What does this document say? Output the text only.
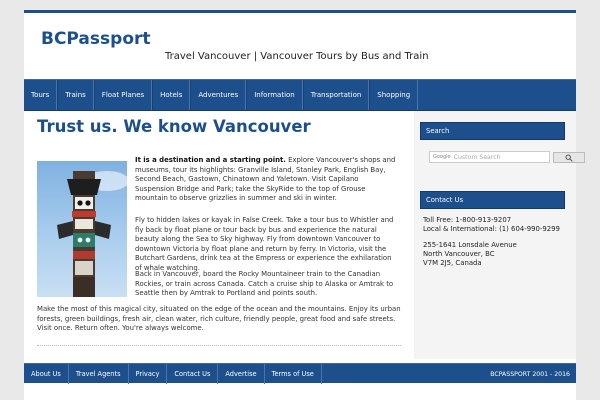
BCPassport
Travel Vancouver | Vancouver Tours by Bus and Train
Tours	Trains	Float Planes	Hotels	Adventures	Information	Transportation	Shopping
Trust us. We know Vancouver
It is a destination and a starting point. Explore Vancouver's shops and museums, tour its highlights: Granville Island, Stanley Park, English Bay, Second Beach, Gastown, Chinatown and Yaletown. Visit Capilano Suspension Bridge and Park; take the SkyRide to the top of Grouse mountain to observe grizzlies in summer and ski in winter.
Fly to hidden lakes or kayak in False Creek. Take a tour bus to Whistler and fly back by float plane or tour back by bus and experience the natural beauty along the Sea to Sky highway. Fly from downtown Vancouver to downtown Victoria by float plane and return by ferry. In Victoria, visit the Butchart Gardens, drink tea at the Empress or experience the exhilaration of whale watching.
Back in Vancouver, board the Rocky Mountaineer train to the Canadian Rockies, or train across Canada. Catch a cruise ship to Alaska or Amtrak to Seattle then by Amtrak to Portland and points south.
Make the most of this magical city, situated on the edge of the ocean and the mountains. Enjoy its urban forests, green buildings, fresh air, clean water, rich culture, friendly people, great food and safe streets. Visit once. Return often. You're always welcome.
Search
Google Custom Search
Contact Us
Toll Free: 1-800-913-9207
Local & International: (1) 604-990-9299
255-1641 Lonsdale Avenue
North Vancouver, BC
V7M 2J5, Canada
About Us	Travel Agents	Privacy	Contact Us	Advertise	Terms of Use	BCPASSPORT 2001 - 2016
